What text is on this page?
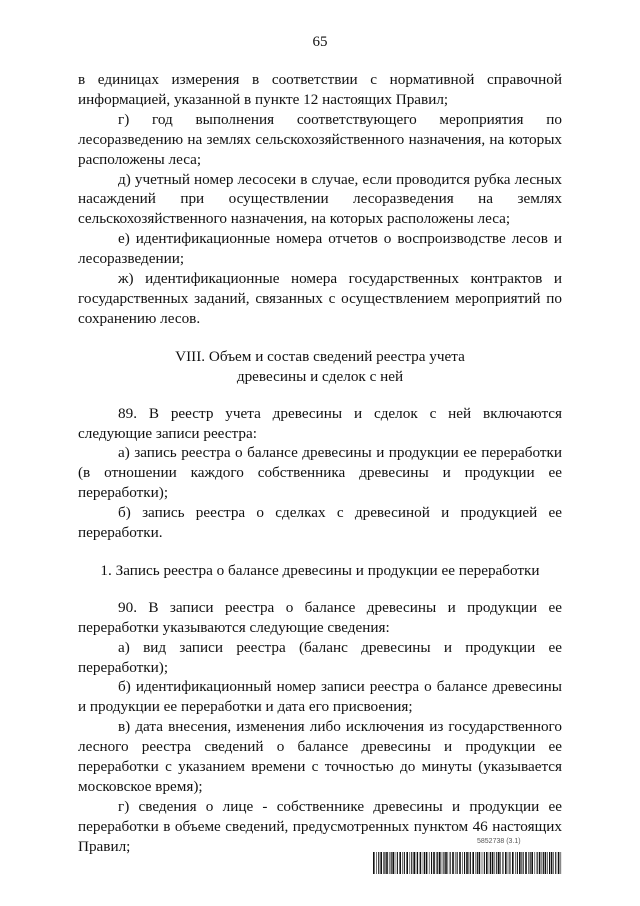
65

в единицах измерения в соответствии с нормативной справочной информацией, указанной в пункте 12 настоящих Правил;

г) год выполнения соответствующего мероприятия по лесоразведению на землях сельскохозяйственного назначения, на которых расположены леса;

д) учетный номер лесосеки в случае, если проводится рубка лесных насаждений при осуществлении лесоразведения на землях сельскохозяйственного назначения, на которых расположены леса;

е) идентификационные номера отчетов о воспроизводстве лесов и лесоразведении;

ж) идентификационные номера государственных контрактов и государственных заданий, связанных с осуществлением мероприятий по сохранению лесов.

VIII. Объем и состав сведений реестра учета
древесины и сделок с ней

89. В реестр учета древесины и сделок с ней включаются следующие записи реестра:

а) запись реестра о балансе древесины и продукции ее переработки (в отношении каждого собственника древесины и продукции ее переработки);

б) запись реестра о сделках с древесиной и продукцией ее переработки.

1. Запись реестра о балансе древесины и продукции ее переработки

90. В записи реестра о балансе древесины и продукции ее переработки указываются следующие сведения:

а) вид записи реестра (баланс древесины и продукции ее переработки);

б) идентификационный номер записи реестра о балансе древесины и продукции ее переработки и дата его присвоения;

в) дата внесения, изменения либо исключения из государственного лесного реестра сведений о балансе древесины и продукции ее переработки с указанием времени с точностью до минуты (указывается московское время);

г) сведения о лице - собственнике древесины и продукции ее переработки в объеме сведений, предусмотренных пунктом 46 настоящих Правил;	5852738 (3.1)
